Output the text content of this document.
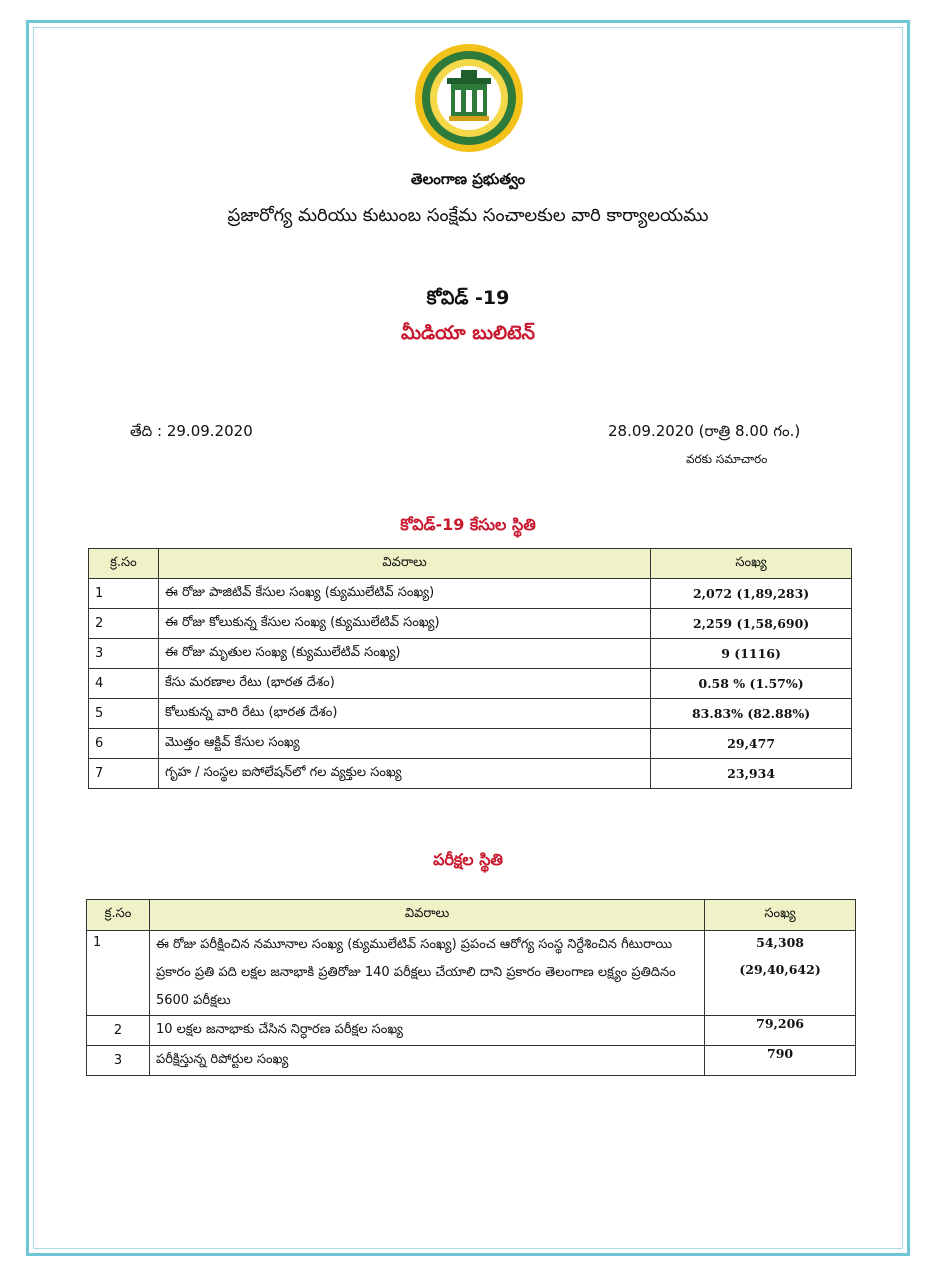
తెలంగాణ ప్రభుత్వం
ప్రజారోగ్య మరియు కుటుంబ సంక్షేమ సంచాలకుల వారి కార్యాలయము
కోవిడ్ -19
మీడియా బులిటెన్
తేది : 29.09.2020	28.09.2020 (రాత్రి 8.00 గం.)
వరకు సమాచారం
కోవిడ్-19 కేసుల స్థితి
క్ర.సం	వివరాలు	సంఖ్య
1	ఈ రోజు పాజిటివ్ కేసుల సంఖ్య (క్యుములేటివ్ సంఖ్య)	2,072 (1,89,283)
2	ఈ రోజు కోలుకున్న కేసుల సంఖ్య (క్యుములేటివ్ సంఖ్య)	2,259 (1,58,690)
3	ఈ రోజు మృతుల సంఖ్య (క్యుములేటివ్ సంఖ్య)	9 (1116)
4	కేసు మరణాల రేటు (భారత దేశం)	0.58 % (1.57%)
5	కోలుకున్న వారి రేటు (భారత దేశం)	83.83% (82.88%)
6	మొత్తం ఆక్టివ్ కేసుల సంఖ్య	29,477
7	గృహ / సంస్థల ఐసోలేషన్‌లో గల వ్యక్తుల సంఖ్య	23,934
పరీక్షల స్థితి
క్ర.సం	వివరాలు	సంఖ్య
1	ఈ రోజు పరీక్షించిన నమూనాల సంఖ్య (క్యుములేటివ్ సంఖ్య) ప్రపంచ ఆరోగ్య సంస్థ నిర్దేశించిన గీటురాయి ప్రకారం ప్రతి పది లక్షల జనాభాకి ప్రతిరోజు 140 పరీక్షలు చేయాలి దాని ప్రకారం తెలంగాణ లక్ష్యం ప్రతిదినం 5600 పరీక్షలు	54,308
(29,40,642)

2	10 లక్షల జనాభాకు చేసిన నిర్ధారణ పరీక్షల సంఖ్య	79,206
3	పరీక్షిస్తున్న రిపోర్టుల సంఖ్య	790
